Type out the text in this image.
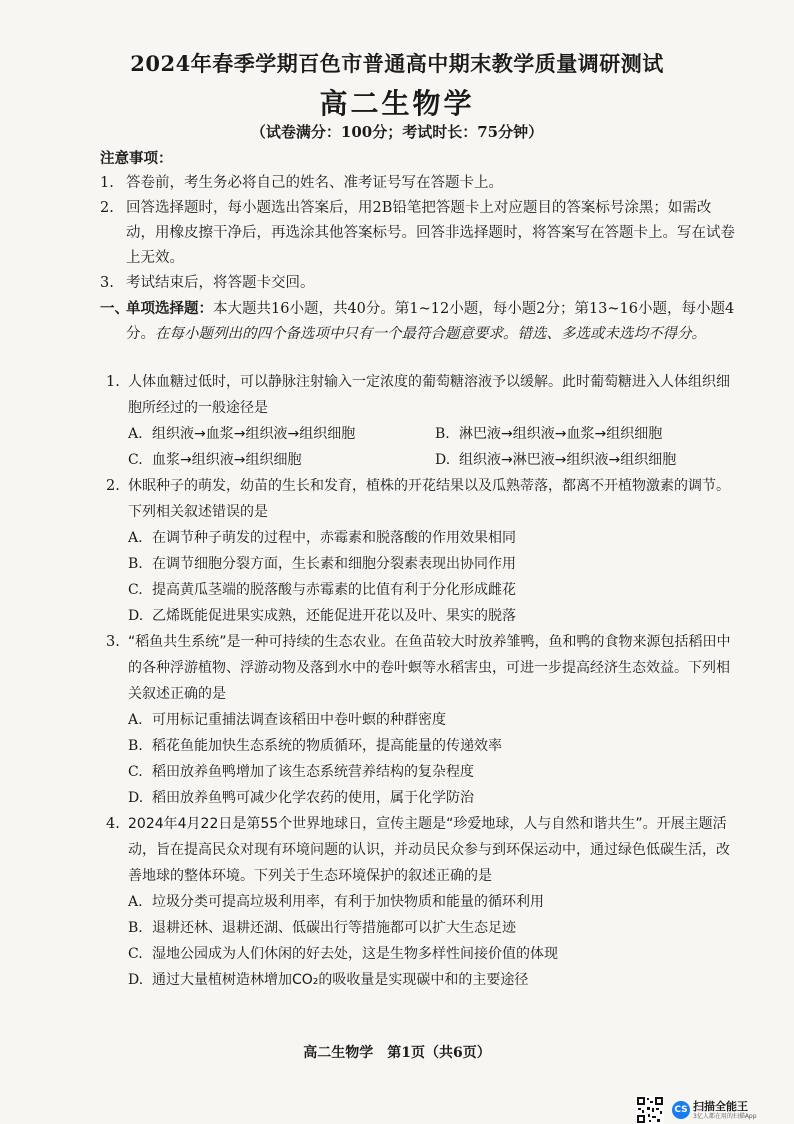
2024年春季学期百色市普通高中期末教学质量调研测试
高二生物学
（试卷满分：100分；考试时长：75分钟）
注意事项：
1. 答卷前，考生务必将自己的姓名、准考证号写在答题卡上。
2. 回答选择题时，每小题选出答案后，用2B铅笔把答题卡上对应题目的答案标号涂黑；如需改动，用橡皮擦干净后，再选涂其他答案标号。回答非选择题时，将答案写在答题卡上。写在试卷上无效。
3. 考试结束后，将答题卡交回。
一、
单项选择题：本大题共16小题，共40分。第1~12小题，每小题2分；第13~16小题，每小题4分。在每小题列出的四个备选项中只有一个最符合题意要求。错选、多选或未选均不得分。
1. 人体血糖过低时，可以静脉注射输入一定浓度的葡萄糖溶液予以缓解。此时葡萄糖进入人体组织细胞所经过的一般途径是
A. 组织液→血浆→组织液→组织细胞	B. 淋巴液→组织液→血浆→组织细胞
C. 血浆→组织液→组织细胞	D. 组织液→淋巴液→组织液→组织细胞
2. 休眠种子的萌发，幼苗的生长和发育，植株的开花结果以及瓜熟蒂落，都离不开植物激素的调节。下列相关叙述错误的是
A. 在调节种子萌发的过程中，赤霉素和脱落酸的作用效果相同
B. 在调节细胞分裂方面，生长素和细胞分裂素表现出协同作用
C. 提高黄瓜茎端的脱落酸与赤霉素的比值有利于分化形成雌花
D. 乙烯既能促进果实成熟，还能促进开花以及叶、果实的脱落
3. “稻鱼共生系统”是一种可持续的生态农业。在鱼苗较大时放养雏鸭，鱼和鸭的食物来源包括稻田中的各种浮游植物、浮游动物及落到水中的卷叶螟等水稻害虫，可进一步提高经济生态效益。下列相关叙述正确的是
A. 可用标记重捕法调查该稻田中卷叶螟的种群密度
B. 稻花鱼能加快生态系统的物质循环，提高能量的传递效率
C. 稻田放养鱼鸭增加了该生态系统营养结构的复杂程度
D. 稻田放养鱼鸭可减少化学农药的使用，属于化学防治
4. 2024年4月22日是第55个世界地球日，宣传主题是“珍爱地球，人与自然和谐共生”。开展主题活动，旨在提高民众对现有环境问题的认识，并动员民众参与到环保运动中，通过绿色低碳生活，改善地球的整体环境。下列关于生态环境保护的叙述正确的是
A. 垃圾分类可提高垃圾利用率，有利于加快物质和能量的循环利用
B. 退耕还林、退耕还湖、低碳出行等措施都可以扩大生态足迹
C. 湿地公园成为人们休闲的好去处，这是生物多样性间接价值的体现
D. 通过大量植树造林增加CO₂的吸收量是实现碳中和的主要途径
高二生物学　第1页（共6页）
CS 扫描全能王
3亿人都在用的扫描App
